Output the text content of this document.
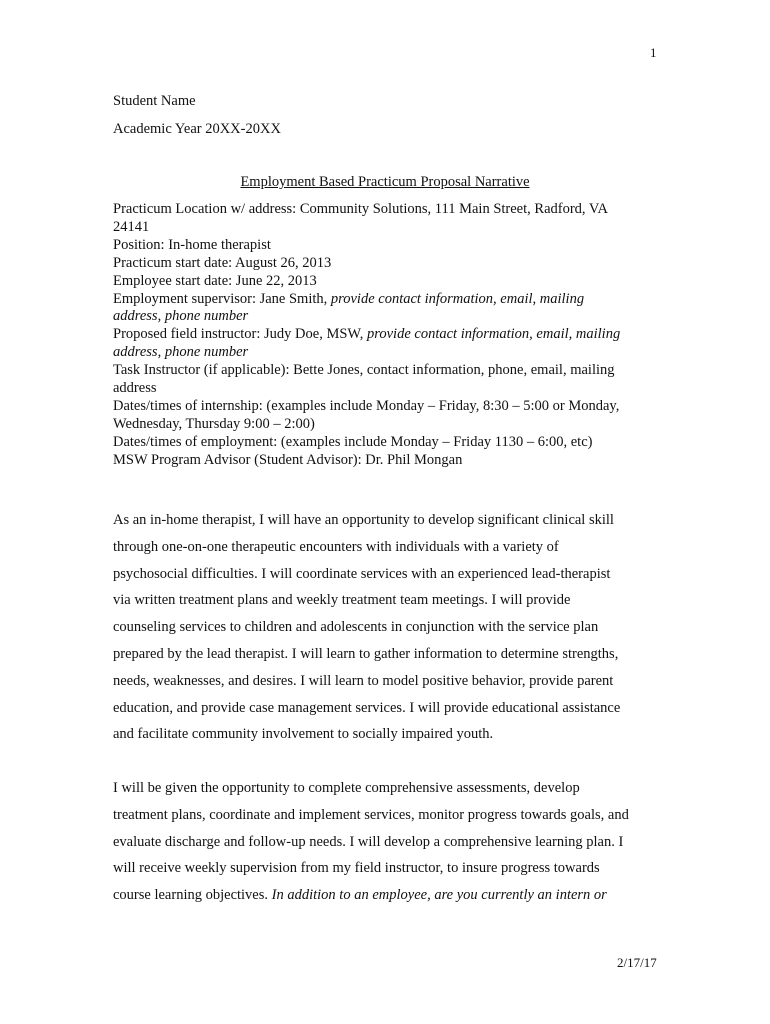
1
Student Name
Academic Year 20XX-20XX
Employment Based Practicum Proposal Narrative
Practicum Location w/ address: Community Solutions, 111 Main Street, Radford, VA
24141
Position: In-home therapist
Practicum start date: August 26, 2013
Employee start date: June 22, 2013
Employment supervisor: Jane Smith, provide contact information, email, mailing
address, phone number
Proposed field instructor: Judy Doe, MSW, provide contact information, email, mailing
address, phone number
Task Instructor (if applicable): Bette Jones, contact information, phone, email, mailing
address
Dates/times of internship: (examples include Monday – Friday, 8:30 – 5:00 or Monday,
Wednesday, Thursday 9:00 – 2:00)
Dates/times of employment: (examples include Monday – Friday 1130 – 6:00, etc)
MSW Program Advisor (Student Advisor): Dr. Phil Mongan
As an in-home therapist, I will have an opportunity to develop significant clinical skill
through one-on-one therapeutic encounters with individuals with a variety of
psychosocial difficulties. I will coordinate services with an experienced lead-therapist
via written treatment plans and weekly treatment team meetings. I will provide
counseling services to children and adolescents in conjunction with the service plan
prepared by the lead therapist. I will learn to gather information to determine strengths,
needs, weaknesses, and desires. I will learn to model positive behavior, provide parent
education, and provide case management services. I will provide educational assistance
and facilitate community involvement to socially impaired youth.
I will be given the opportunity to complete comprehensive assessments, develop
treatment plans, coordinate and implement services, monitor progress towards goals, and
evaluate discharge and follow-up needs. I will develop a comprehensive learning plan. I
will receive weekly supervision from my field instructor, to insure progress towards
course learning objectives. In addition to an employee, are you currently an intern or
2/17/17
